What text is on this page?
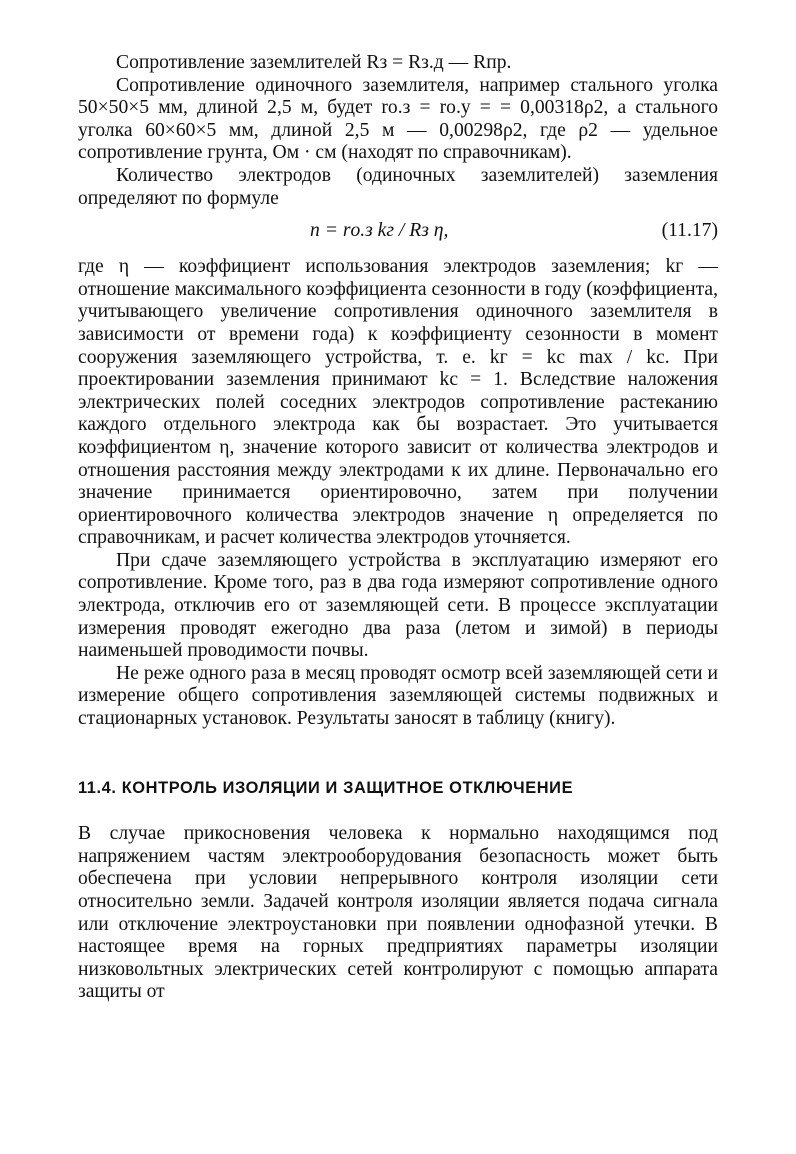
Сопротивление заземлителей Rз = Rз.д — Rпр.

Сопротивление одиночного заземлителя, например стального уголка 50×50×5 мм, длиной 2,5 м, будет rо.з = rо.у = = 0,00318ρ2, а стального уголка 60×60×5 мм, длиной 2,5 м — 0,00298ρ2, где ρ2 — удельное сопротивление грунта, Ом · см (находят по справочникам).

Количество электродов (одиночных заземлителей) заземления определяют по формуле

n = rо.з kг / Rз η,	(11.17)

где η — коэффициент использования электродов заземления; kг — отношение максимального коэффициента сезонности в году (коэффициента, учитывающего увеличение сопротивления одиночного заземлителя в зависимости от времени года) к коэффициенту сезонности в момент сооружения заземляющего устройства, т. е. kг = kс max / kс. При проектировании заземления принимают kс = 1. Вследствие наложения электрических полей соседних электродов сопротивление растеканию каждого отдельного электрода как бы возрастает. Это учитывается коэффициентом η, значение которого зависит от количества электродов и отношения расстояния между электродами к их длине. Первоначально его значение принимается ориентировочно, затем при получении ориентировочного количества электродов значение η определяется по справочникам, и расчет количества электродов уточняется.

При сдаче заземляющего устройства в эксплуатацию измеряют его сопротивление. Кроме того, раз в два года измеряют сопротивление одного электрода, отключив его от заземляющей сети. В процессе эксплуатации измерения проводят ежегодно два раза (летом и зимой) в периоды наименьшей проводимости почвы.

Не реже одного раза в месяц проводят осмотр всей заземляющей сети и измерение общего сопротивления заземляющей системы подвижных и стационарных установок. Результаты заносят в таблицу (книгу).

11.4. КОНТРОЛЬ ИЗОЛЯЦИИ И ЗАЩИТНОЕ ОТКЛЮЧЕНИЕ

В случае прикосновения человека к нормально находящимся под напряжением частям электрооборудования безопасность может быть обеспечена при условии непрерывного контроля изоляции сети относительно земли. Задачей контроля изоляции является подача сигнала или отключение электроустановки при появлении однофазной утечки. В настоящее время на горных предприятиях параметры изоляции низковольтных электрических сетей контролируют с помощью аппарата защиты от
